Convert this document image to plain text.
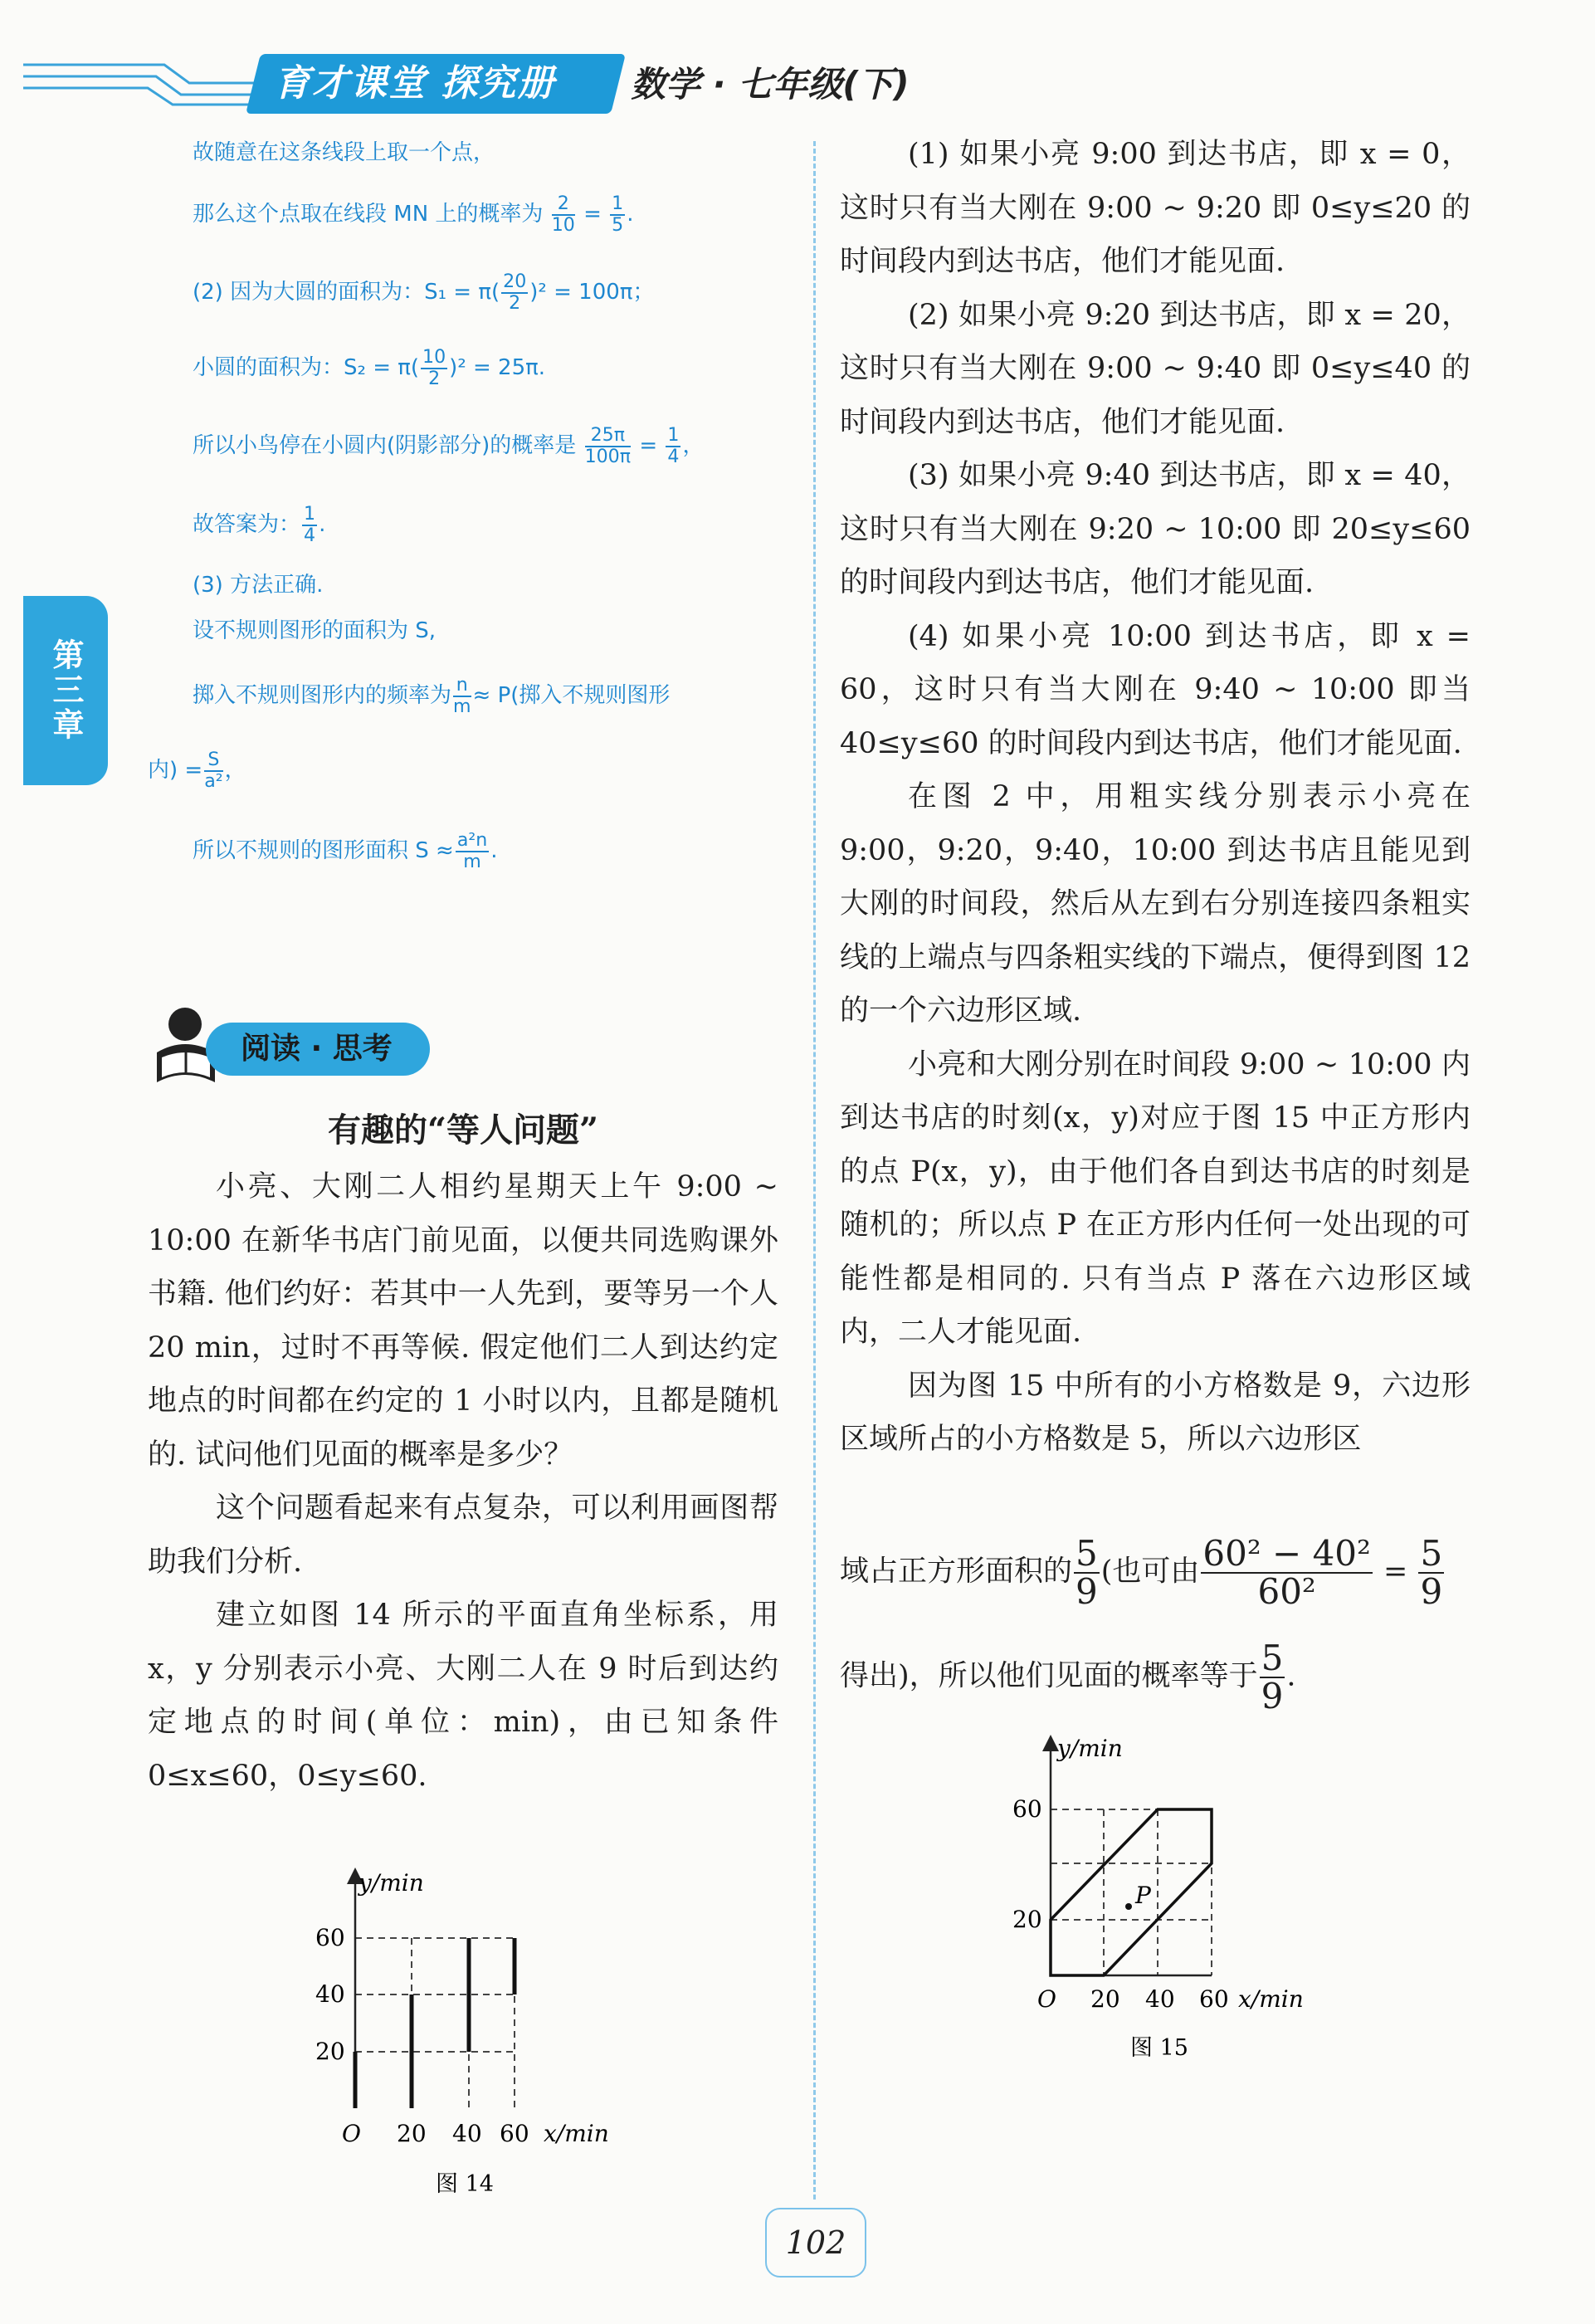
育才课堂 探究册	数学 · 七年级(下)
第三章
故随意在这条线段上取一个点，
那么这个点取在线段 MN 上的概率为 $\frac{2}{10} = \frac{1}{5}$ .
(2) 因为大圆的面积为：$S_1 = \pi( \frac{20}{2} )^2 = 100\pi$；
小圆的面积为：$S_2 = \pi( \frac{10}{2} )^2 = 25\pi$.
所以小鸟停在小圆内(阴影部分)的概率是 $\frac{25\pi}{100\pi} = \frac{1}{4}$ ，
故答案为： $\frac{1}{4}$ .
(3) 方法正确.
设不规则图形的面积为 S,
掷入不规则图形内的频率为 $\frac{n}{m} \approx P$(掷入不规则图形
内) = $\frac{S}{\text{a²}}$ ，
所以不规则的图形面积 $S \approx \frac{\text{a²n}}{m}$ .
阅读 · 思考
有趣的“等人问题”

小亮、大刚二人相约星期天上午 9:00 ~ 10:00 在新华书店门前见面，以便共同选购课外书籍. 他们约好：若其中一人先到，要等另一个人 20 min，过时不再等候. 假定他们二人到达约定地点的时间都在约定的 1 小时以内，且都是随机的. 试问他们见面的概率是多少？

这个问题看起来有点复杂，可以利用画图帮助我们分析.

建立如图 14 所示的平面直角坐标系，用 x，y 分别表示小亮、大刚二人在 9 时后到达约定地点的时间(单位：min)，由已知条件 0≤x≤60，0≤y≤60.

y/min
60
40
20
O 20 40 60 x/min
图 14

(1) 如果小亮 9:00 到达书店，即 x = 0，这时只有当大刚在 9:00 ~ 9:20 即 0≤y≤20 的时间段内到达书店，他们才能见面.

(2) 如果小亮 9:20 到达书店，即 x = 20，这时只有当大刚在 9:00 ~ 9:40 即 0≤y≤40 的时间段内到达书店，他们才能见面.

(3) 如果小亮 9:40 到达书店，即 x = 40，这时只有当大刚在 9:20 ~ 10:00 即 20≤y≤60 的时间段内到达书店，他们才能见面.

(4) 如果小亮 10:00 到达书店，即 x = 60，这时只有当大刚在 9:40 ~ 10:00 即当 40≤y≤60 的时间段内到达书店，他们才能见面.

在图 2 中，用粗实线分别表示小亮在 9:00，9:20，9:40，10:00 到达书店且能见到大刚的时间段，然后从左到右分别连接四条粗实线的上端点与四条粗实线的下端点，便得到图 12 的一个六边形区域.

小亮和大刚分别在时间段 9:00 ~ 10:00 内到达书店的时刻(x，y)对应于图 15 中正方形内的点 P(x，y)，由于他们各自到达书店的时刻是随机的；所以点 P 在正方形内任何一处出现的可能性都是相同的. 只有当点 P 落在六边形区域内，二人才能见面.

因为图 15 中所有的小方格数是 9，六边形区域所占的小方格数是 5，所以六边形区

域占正方形面积的 $\frac{5}{9}$ (也可由 $\frac{\text{60² − 40²}}{\text{60²}} = \frac{5}{9}$
得出)，所以他们见面的概率等于 $\frac{5}{9}$ .
P
y/min
60
20
O 20 40 60 x/min
图 15
102
